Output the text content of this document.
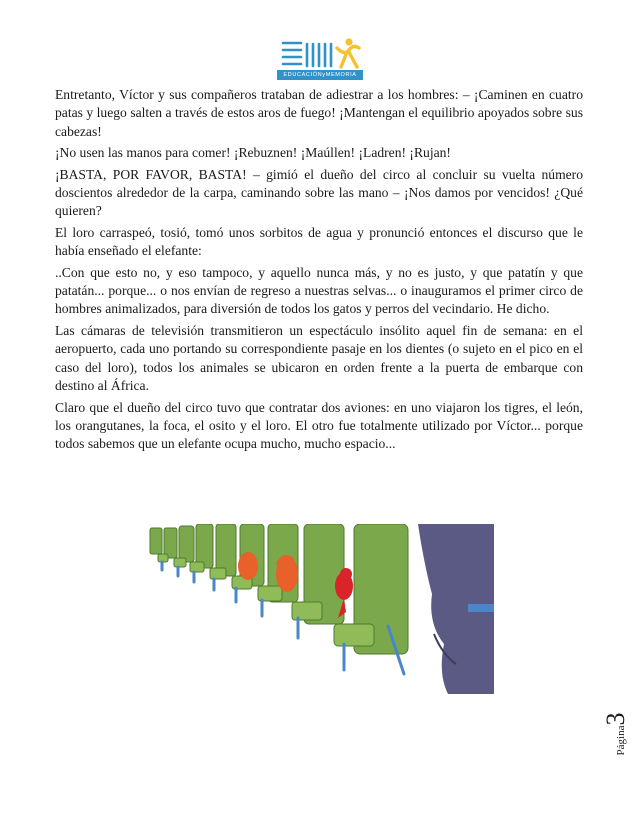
EDUCACIÓNyMEMORIA

Entretanto, Víctor y sus compañeros trataban de adiestrar a los hombres: – ¡Caminen en cuatro patas y luego salten a través de estos aros de fuego! ¡Mantengan el equilibrio apoyados sobre sus cabezas!

¡No usen las manos para comer! ¡Rebuznen! ¡Maúllen! ¡Ladren! ¡Rujan!

¡BASTA, POR FAVOR, BASTA! – gimió el dueño del circo al concluir su vuelta número doscientos alrededor de la carpa, caminando sobre las mano – ¡Nos damos por vencidos! ¿Qué quieren?

El loro carraspeó, tosió, tomó unos sorbitos de agua y pronunció entonces el discurso que le había enseñado el elefante:

..Con que esto no, y eso tampoco, y aquello nunca más, y no es justo, y que patatín y que patatán... porque... o nos envían de regreso a nuestras selvas... o inauguramos el primer circo de hombres animalizados, para diversión de todos los gatos y perros del vecindario. He dicho.

Las cámaras de televisión transmitieron un espectáculo insólito aquel fin de semana: en el aeropuerto, cada uno portando su correspondiente pasaje en los dientes (o sujeto en el pico en el caso del loro), todos los animales se ubicaron en orden frente a la puerta de embarque con destino al África.

Claro que el dueño del circo tuvo que contratar dos aviones: en uno viajaron los tigres, el león, los orangutanes, la foca, el osito y el loro. El otro fue totalmente utilizado por Víctor... porque todos sabemos que un elefante ocupa mucho, mucho espacio...

Página3
